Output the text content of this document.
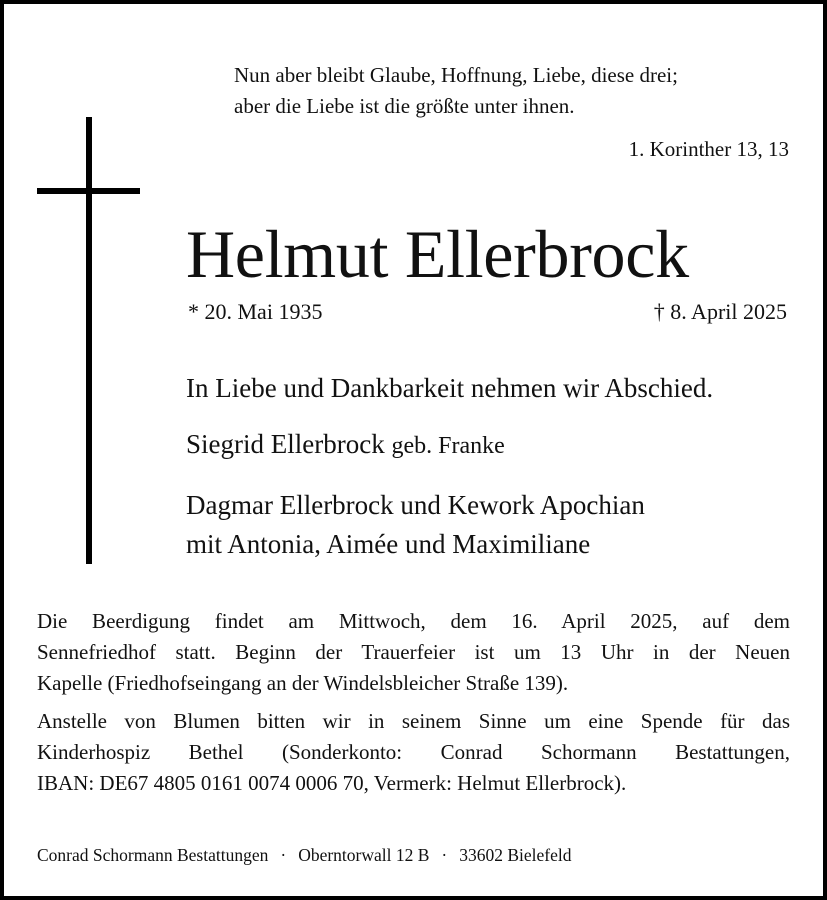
Nun aber bleibt Glaube, Hoffnung, Liebe, diese drei;
aber die Liebe ist die größte unter ihnen.
1. Korinther 13, 13
Helmut Ellerbrock
* 20. Mai 1935	† 8. April 2025
In Liebe und Dankbarkeit nehmen wir Abschied.
Siegrid Ellerbrock geb. Franke
Dagmar Ellerbrock und Kework Apochian
mit Antonia, Aimée und Maximiliane
Die Beerdigung findet am Mittwoch, dem 16. April 2025, auf dem
Sennefriedhof statt. Beginn der Trauerfeier ist um 13 Uhr in der Neuen
Kapelle (Friedhofseingang an der Windelsbleicher Straße 139).
Anstelle von Blumen bitten wir in seinem Sinne um eine Spende für das
Kinderhospiz Bethel (Sonderkonto: Conrad Schormann Bestattungen,
IBAN: DE67 4805 0161 0074 0006 70, Vermerk: Helmut Ellerbrock).
Conrad Schormann Bestattungen · Oberntorwall 12 B · 33602 Bielefeld
